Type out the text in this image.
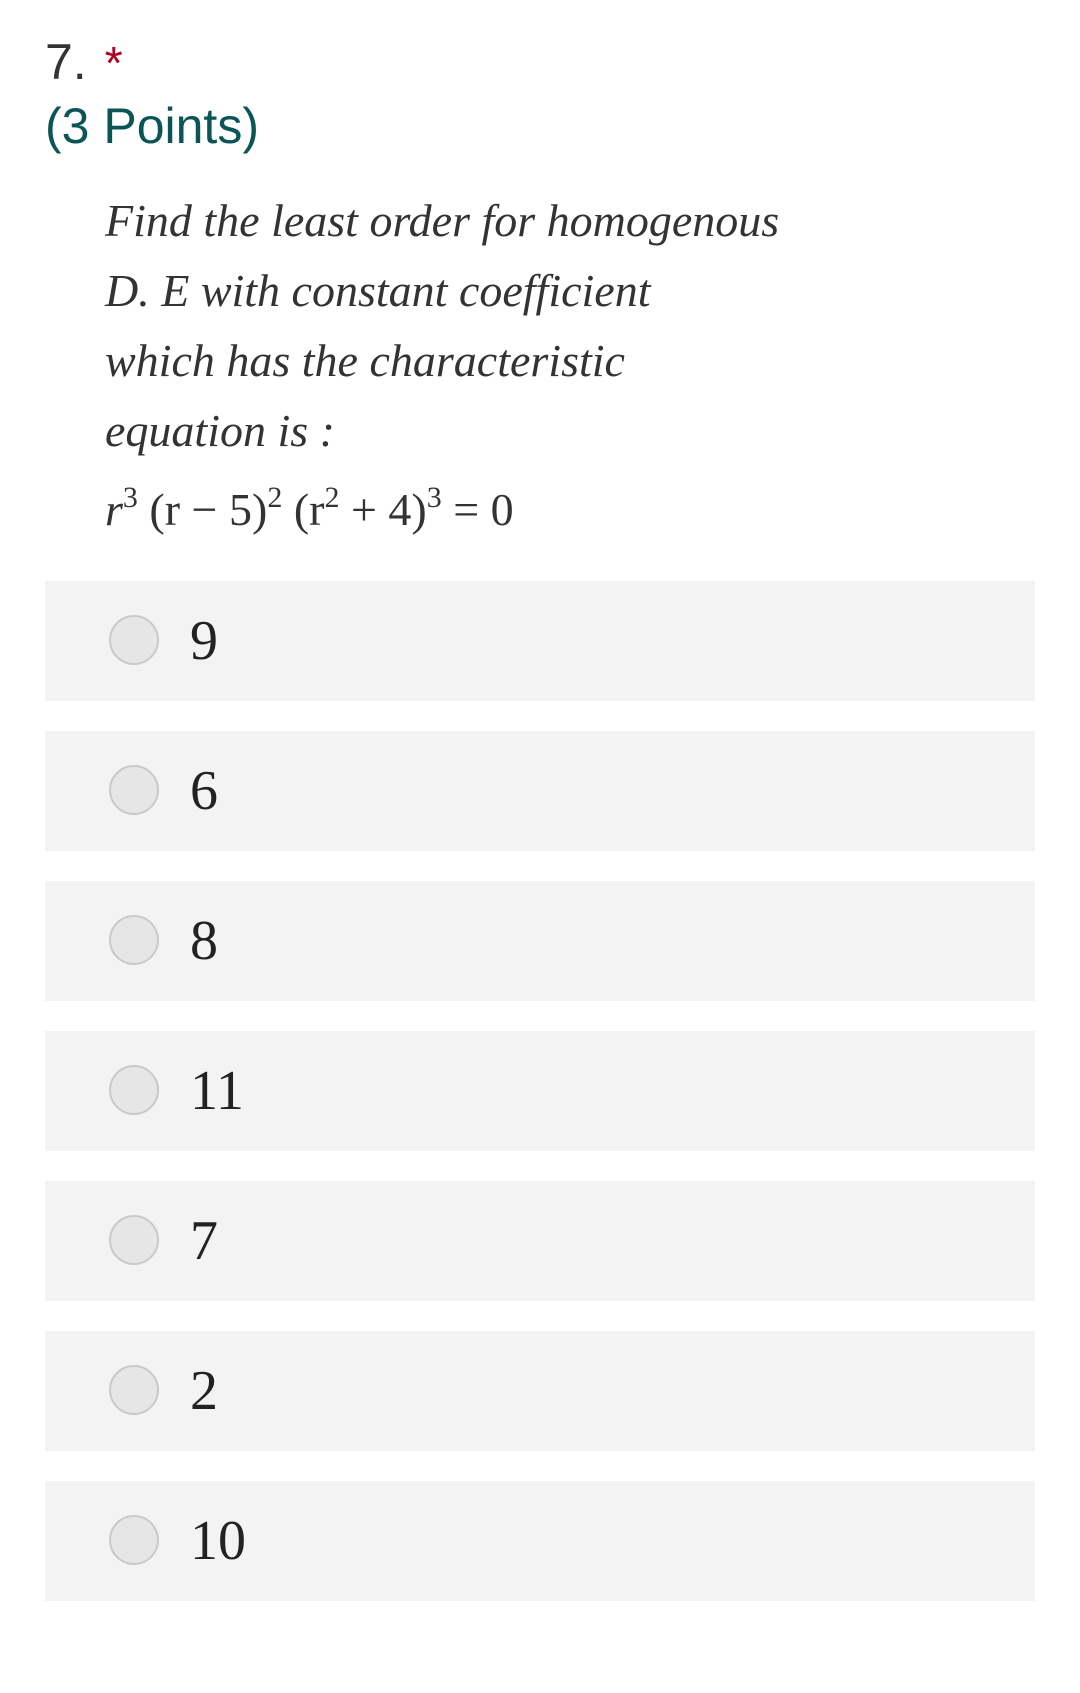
7. *
(3 Points)
Find the least order for homogenous
D. E with constant coefficient
which has the characteristic
equation is :
$r^3$ $(r - 5)^2$ $(r^2 + 4)^3 = 0$
9
6
8
11
7
2
10
